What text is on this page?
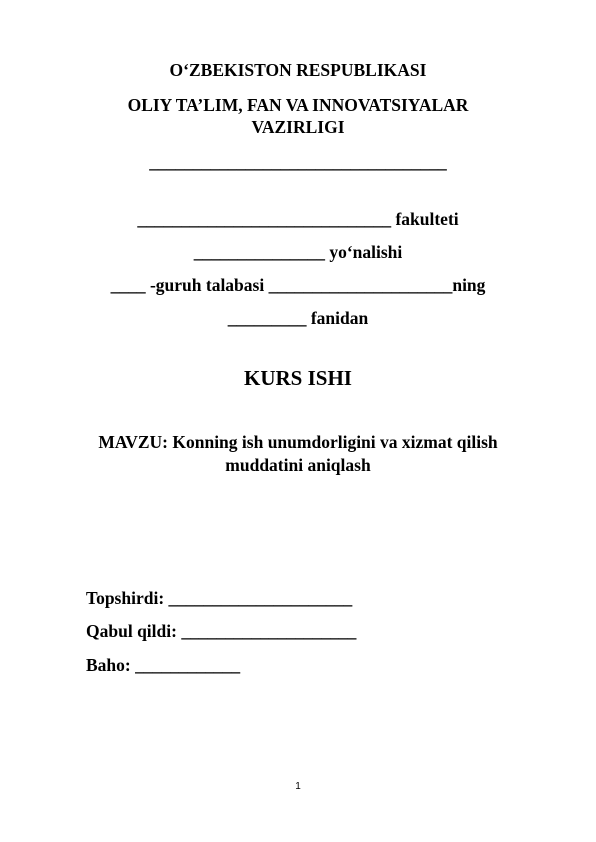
O‘ZBEKISTON RESPUBLIKASI
OLIY TA’LIM, FAN VA INNOVATSIYALAR
VAZIRLIGI
__________________________________
_____________________________ fakulteti
_______________ yo‘nalishi
____ -guruh talabasi _____________________ning
_________ fanidan
KURS ISHI
MAVZU: Konning ish unumdorligini va xizmat qilish
muddatini aniqlash
Topshirdi: _____________________
Qabul qildi: ____________________
Baho: ____________
1
